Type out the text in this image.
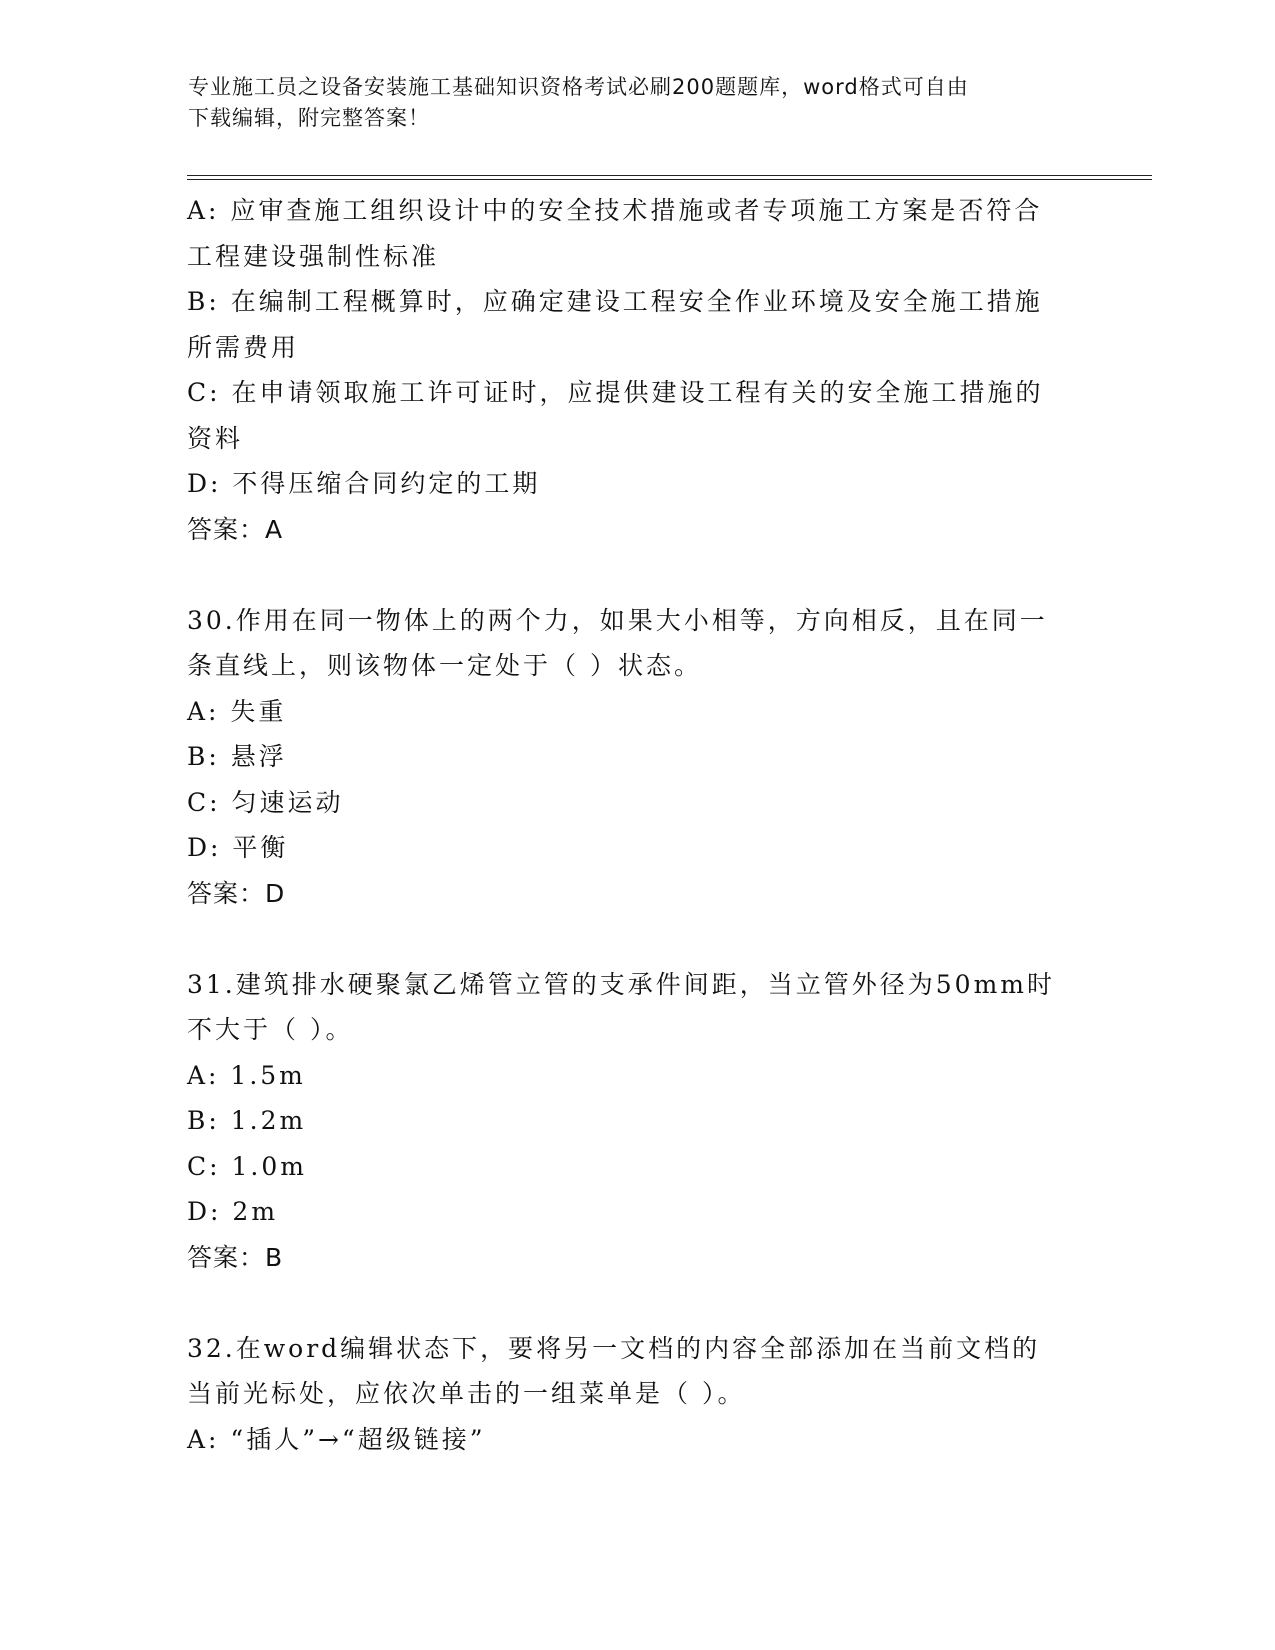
专业施工员之设备安装施工基础知识资格考试必刷200题题库，word格式可自由
下载编辑，附完整答案！

A: 应审查施工组织设计中的安全技术措施或者专项施工方案是否符合

工程建设强制性标准

B: 在编制工程概算时，应确定建设工程安全作业环境及安全施工措施

所需费用

C: 在申请领取施工许可证时，应提供建设工程有关的安全施工措施的

资料

D: 不得压缩合同约定的工期

答案：A

30.作用在同一物体上的两个力，如果大小相等，方向相反，且在同一

条直线上，则该物体一定处于（ ）状态。

A: 失重

B: 悬浮

C: 匀速运动

D: 平衡

答案：D

31.建筑排水硬聚氯乙烯管立管的支承件间距，当立管外径为50mm时

不大于（ ）。

A: 1.5m

B: 1.2m

C: 1.0m

D: 2m

答案：B

32.在word编辑状态下，要将另一文档的内容全部添加在当前文档的

当前光标处，应依次单击的一组菜单是（ ）。

A: “插人”→“超级链接”
